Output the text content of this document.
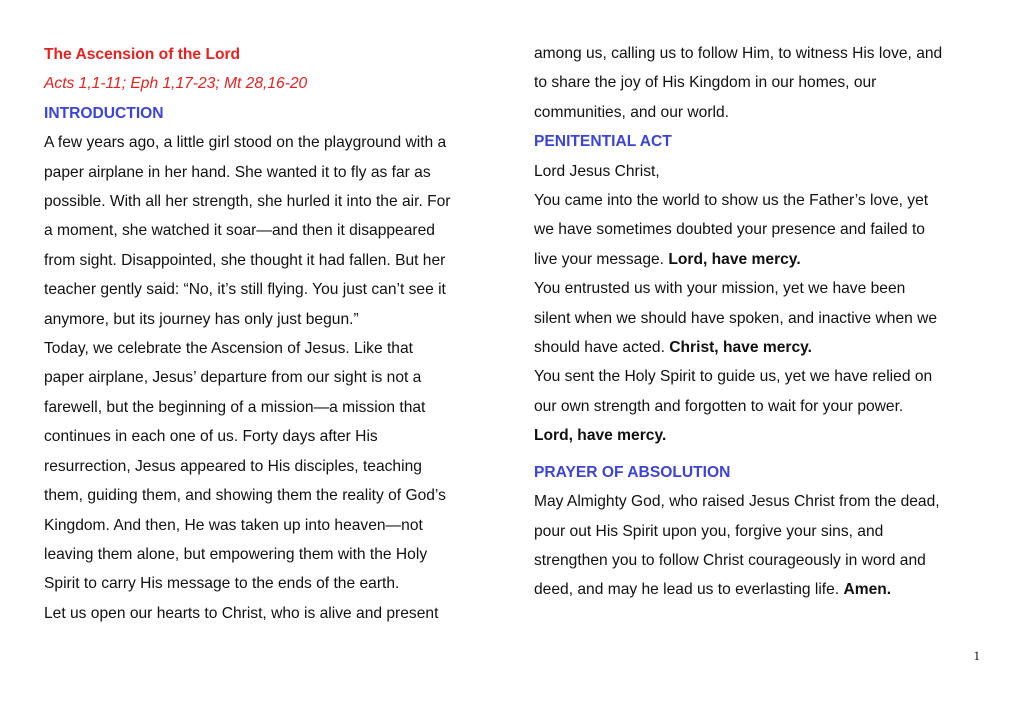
The Ascension of the Lord

Acts 1,1-11; Eph 1,17-23; Mt 28,16-20

INTRODUCTION

A few years ago, a little girl stood on the playground with a

paper airplane in her hand. She wanted it to fly as far as

possible. With all her strength, she hurled it into the air. For

a moment, she watched it soar—and then it disappeared

from sight. Disappointed, she thought it had fallen. But her

teacher gently said: “No, it’s still flying. You just can’t see it

anymore, but its journey has only just begun.”

Today, we celebrate the Ascension of Jesus. Like that

paper airplane, Jesus’ departure from our sight is not a

farewell, but the beginning of a mission—a mission that

continues in each one of us. Forty days after His

resurrection, Jesus appeared to His disciples, teaching

them, guiding them, and showing them the reality of God’s

Kingdom. And then, He was taken up into heaven—not

leaving them alone, but empowering them with the Holy

Spirit to carry His message to the ends of the earth.

Let us open our hearts to Christ, who is alive and present

among us, calling us to follow Him, to witness His love, and

to share the joy of His Kingdom in our homes, our

communities, and our world.

PENITENTIAL ACT

Lord Jesus Christ,

You came into the world to show us the Father’s love, yet

we have sometimes doubted your presence and failed to

live your message. Lord, have mercy.

You entrusted us with your mission, yet we have been

silent when we should have spoken, and inactive when we

should have acted. Christ, have mercy.

You sent the Holy Spirit to guide us, yet we have relied on

our own strength and forgotten to wait for your power.

Lord, have mercy.

PRAYER OF ABSOLUTION

May Almighty God, who raised Jesus Christ from the dead,

pour out His Spirit upon you, forgive your sins, and

strengthen you to follow Christ courageously in word and

deed, and may he lead us to everlasting life. Amen.

1
